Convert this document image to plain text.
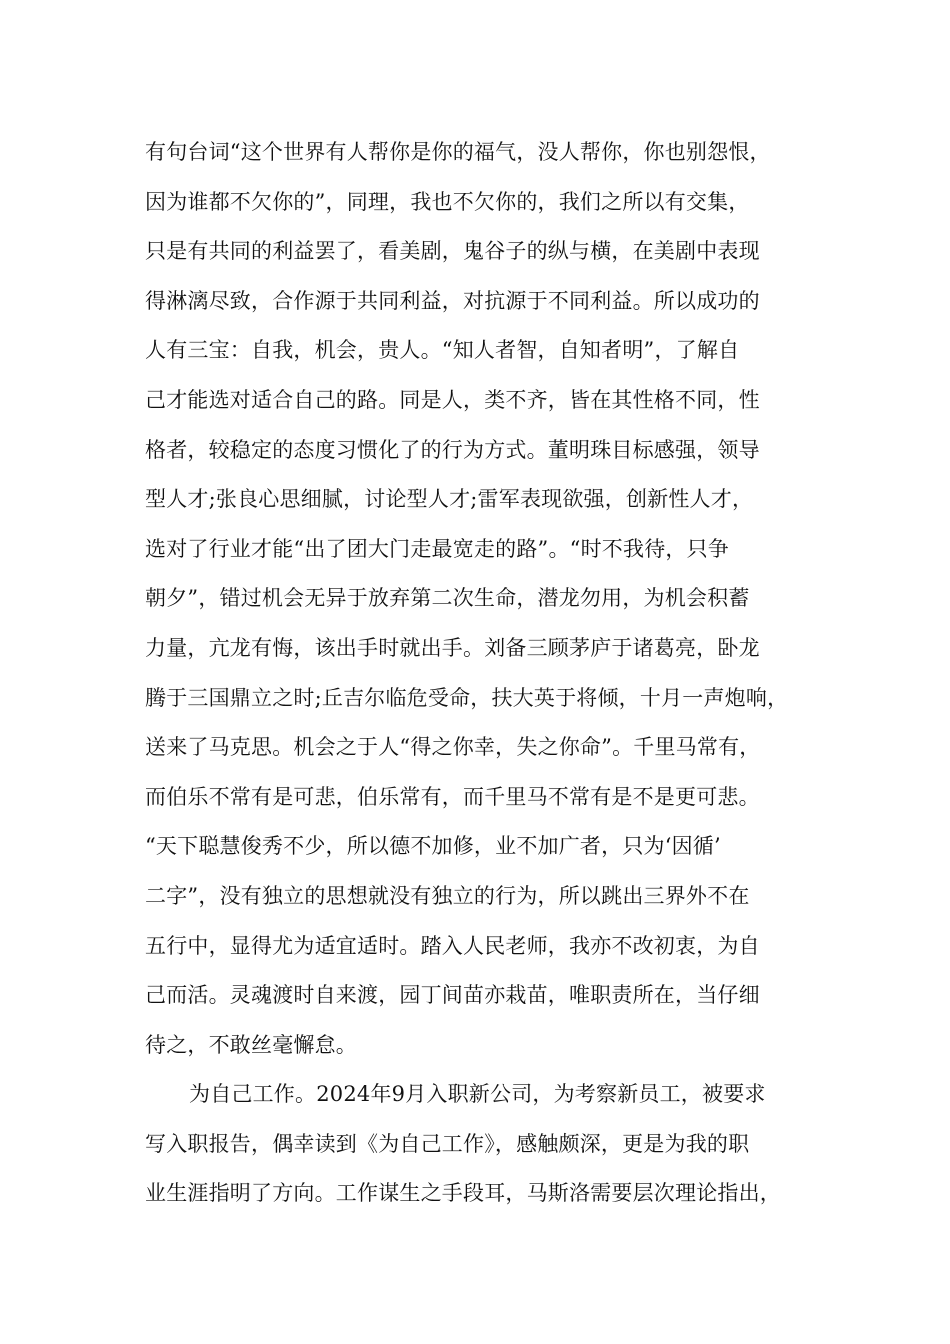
有句台词“这个世界有人帮你是你的福气，没人帮你，你也别怨恨，
因为谁都不欠你的”，同理，我也不欠你的，我们之所以有交集，
只是有共同的利益罢了，看美剧，鬼谷子的纵与横，在美剧中表现
得淋漓尽致，合作源于共同利益，对抗源于不同利益。所以成功的
人有三宝：自我，机会，贵人。“知人者智，自知者明”，了解自
己才能选对适合自己的路。同是人，类不齐，皆在其性格不同，性
格者，较稳定的态度习惯化了的行为方式。董明珠目标感强，领导
型人才;张良心思细腻，讨论型人才;雷军表现欲强，创新性人才，
选对了行业才能“出了团大门走最宽走的路”。“时不我待，只争
朝夕”，错过机会无异于放弃第二次生命，潜龙勿用，为机会积蓄
力量，亢龙有悔，该出手时就出手。刘备三顾茅庐于诸葛亮，卧龙
腾于三国鼎立之时;丘吉尔临危受命，扶大英于将倾，十月一声炮响，
送来了马克思。机会之于人“得之你幸，失之你命”。千里马常有，
而伯乐不常有是可悲，伯乐常有，而千里马不常有是不是更可悲。
“天下聪慧俊秀不少，所以德不加修，业不加广者，只为‘因循’
二字”，没有独立的思想就没有独立的行为，所以跳出三界外不在
五行中，显得尤为适宜适时。踏入人民老师，我亦不改初衷，为自
己而活。灵魂渡时自来渡，园丁间苗亦栽苗，唯职责所在，当仔细
待之，不敢丝毫懈怠。
为自己工作。2024年9月入职新公司，为考察新员工，被要求
写入职报告，偶幸读到《为自己工作》，感触颇深，更是为我的职
业生涯指明了方向。工作谋生之手段耳，马斯洛需要层次理论指出，
